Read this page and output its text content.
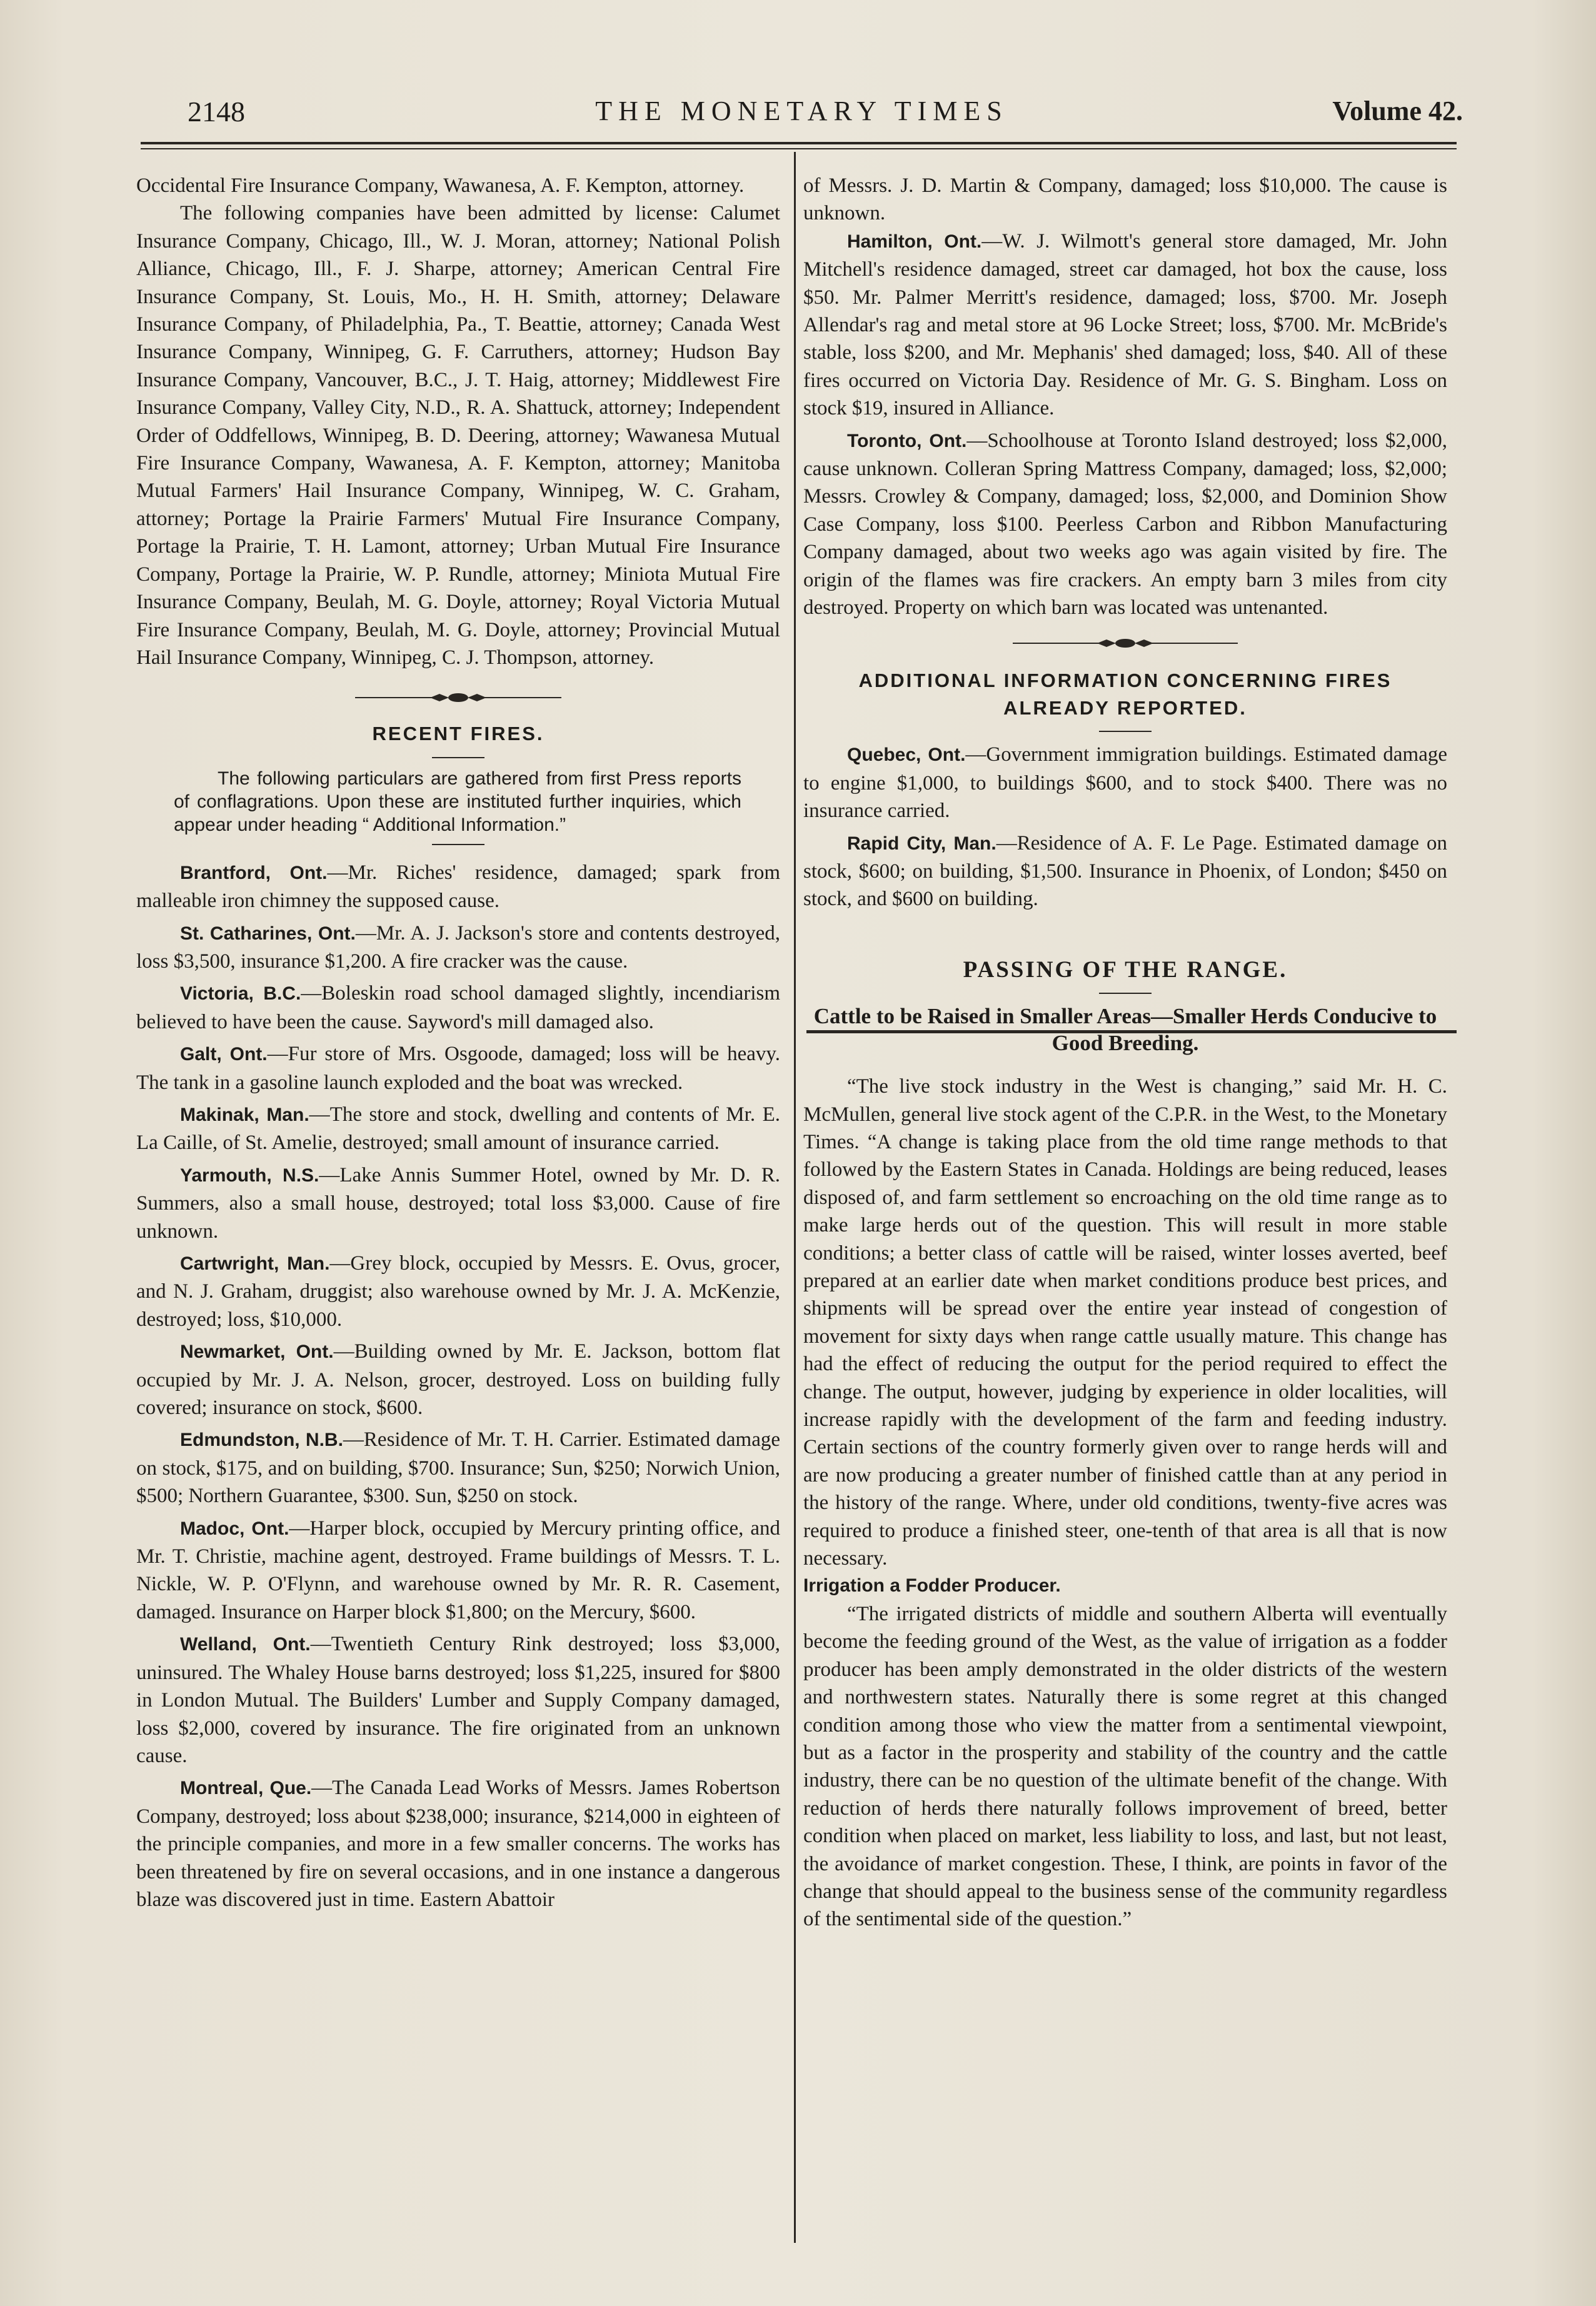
2148	THE MONETARY TIMES	Volume 42.

Occidental Fire Insurance Company, Wawanesa, A. F. Kempton, attorney.

The following companies have been admitted by license: Calumet Insurance Company, Chicago, Ill., W. J. Moran, attorney; National Polish Alliance, Chicago, Ill., F. J. Sharpe, attorney; American Central Fire Insurance Company, St. Louis, Mo., H. H. Smith, attorney; Delaware Insurance Company, of Philadelphia, Pa., T. Beattie, attorney; Canada West Insurance Company, Winnipeg, G. F. Carruthers, attorney; Hudson Bay Insurance Company, Vancouver, B.C., J. T. Haig, attorney; Middlewest Fire Insurance Company, Valley City, N.D., R. A. Shattuck, attorney; Independent Order of Oddfellows, Winnipeg, B. D. Deering, attorney; Wawanesa Mutual Fire Insurance Company, Wawanesa, A. F. Kempton, attorney; Manitoba Mutual Farmers' Hail Insurance Company, Winnipeg, W. C. Graham, attorney; Portage la Prairie Farmers' Mutual Fire Insurance Company, Portage la Prairie, T. H. Lamont, attorney; Urban Mutual Fire Insurance Company, Portage la Prairie, W. P. Rundle, attorney; Miniota Mutual Fire Insurance Company, Beulah, M. G. Doyle, attorney; Royal Victoria Mutual Fire Insurance Company, Beulah, M. G. Doyle, attorney; Provincial Mutual Hail Insurance Company, Winnipeg, C. J. Thompson, attorney.

RECENT FIRES.

The following particulars are gathered from first Press reports of conflagrations. Upon these are instituted further inquiries, which appear under heading “ Additional Information.”

Brantford, Ont.—Mr. Riches' residence, damaged; spark from malleable iron chimney the supposed cause.

St. Catharines, Ont.—Mr. A. J. Jackson's store and contents destroyed, loss $3,500, insurance $1,200. A fire cracker was the cause.

Victoria, B.C.—Boleskin road school damaged slightly, incendiarism believed to have been the cause. Sayword's mill damaged also.

Galt, Ont.—Fur store of Mrs. Osgoode, damaged; loss will be heavy. The tank in a gasoline launch exploded and the boat was wrecked.

Makinak, Man.—The store and stock, dwelling and contents of Mr. E. La Caille, of St. Amelie, destroyed; small amount of insurance carried.

Yarmouth, N.S.—Lake Annis Summer Hotel, owned by Mr. D. R. Summers, also a small house, destroyed; total loss $3,000. Cause of fire unknown.

Cartwright, Man.—Grey block, occupied by Messrs. E. Ovus, grocer, and N. J. Graham, druggist; also warehouse owned by Mr. J. A. McKenzie, destroyed; loss, $10,000.

Newmarket, Ont.—Building owned by Mr. E. Jackson, bottom flat occupied by Mr. J. A. Nelson, grocer, destroyed. Loss on building fully covered; insurance on stock, $600.

Edmundston, N.B.—Residence of Mr. T. H. Carrier. Estimated damage on stock, $175, and on building, $700. Insurance; Sun, $250; Norwich Union, $500; Northern Guarantee, $300. Sun, $250 on stock.

Madoc, Ont.—Harper block, occupied by Mercury printing office, and Mr. T. Christie, machine agent, destroyed. Frame buildings of Messrs. T. L. Nickle, W. P. O'Flynn, and warehouse owned by Mr. R. R. Casement, damaged. Insurance on Harper block $1,800; on the Mercury, $600.

Welland, Ont.—Twentieth Century Rink destroyed; loss $3,000, uninsured. The Whaley House barns destroyed; loss $1,225, insured for $800 in London Mutual. The Builders' Lumber and Supply Company damaged, loss $2,000, covered by insurance. The fire originated from an unknown cause.

Montreal, Que.—The Canada Lead Works of Messrs. James Robertson Company, destroyed; loss about $238,000; insurance, $214,000 in eighteen of the principle companies, and more in a few smaller concerns. The works has been threatened by fire on several occasions, and in one instance a dangerous blaze was discovered just in time. Eastern Abattoir

of Messrs. J. D. Martin & Company, damaged; loss $10,000. The cause is unknown.

Hamilton, Ont.—W. J. Wilmott's general store damaged, Mr. John Mitchell's residence damaged, street car damaged, hot box the cause, loss $50. Mr. Palmer Merritt's residence, damaged; loss, $700. Mr. Joseph Allendar's rag and metal store at 96 Locke Street; loss, $700. Mr. McBride's stable, loss $200, and Mr. Mephanis' shed damaged; loss, $40. All of these fires occurred on Victoria Day. Residence of Mr. G. S. Bingham. Loss on stock $19, insured in Alliance.

Toronto, Ont.—Schoolhouse at Toronto Island destroyed; loss $2,000, cause unknown. Colleran Spring Mattress Company, damaged; loss, $2,000; Messrs. Crowley & Company, damaged; loss, $2,000, and Dominion Show Case Company, loss $100. Peerless Carbon and Ribbon Manufacturing Company damaged, about two weeks ago was again visited by fire. The origin of the flames was fire crackers. An empty barn 3 miles from city destroyed. Property on which barn was located was untenanted.

ADDITIONAL INFORMATION CONCERNING FIRES

ALREADY REPORTED.

Quebec, Ont.—Government immigration buildings. Estimated damage to engine $1,000, to buildings $600, and to stock $400. There was no insurance carried.

Rapid City, Man.—Residence of A. F. Le Page. Estimated damage on stock, $600; on building, $1,500. Insurance in Phoenix, of London; $450 on stock, and $600 on building.

PASSING OF THE RANGE.

Cattle to be Raised in Smaller Areas—Smaller Herds Conducive to Good Breeding.

“The live stock industry in the West is changing,” said Mr. H. C. McMullen, general live stock agent of the C.P.R. in the West, to the Monetary Times. “A change is taking place from the old time range methods to that followed by the Eastern States in Canada. Holdings are being reduced, leases disposed of, and farm settlement so encroaching on the old time range as to make large herds out of the question. This will result in more stable conditions; a better class of cattle will be raised, winter losses averted, beef prepared at an earlier date when market conditions produce best prices, and shipments will be spread over the entire year instead of congestion of movement for sixty days when range cattle usually mature. This change has had the effect of reducing the output for the period required to effect the change. The output, however, judging by experience in older localities, will increase rapidly with the development of the farm and feeding industry. Certain sections of the country formerly given over to range herds will and are now producing a greater number of finished cattle than at any period in the history of the range. Where, under old conditions, twenty-five acres was required to produce a finished steer, one-tenth of that area is all that is now necessary.

Irrigation a Fodder Producer.

“The irrigated districts of middle and southern Alberta will eventually become the feeding ground of the West, as the value of irrigation as a fodder producer has been amply demonstrated in the older districts of the western and northwestern states. Naturally there is some regret at this changed condition among those who view the matter from a sentimental viewpoint, but as a factor in the prosperity and stability of the country and the cattle industry, there can be no question of the ultimate benefit of the change. With reduction of herds there naturally follows improvement of breed, better condition when placed on market, less liability to loss, and last, but not least, the avoidance of market congestion. These, I think, are points in favor of the change that should appeal to the business sense of the community regardless of the sentimental side of the question.”
